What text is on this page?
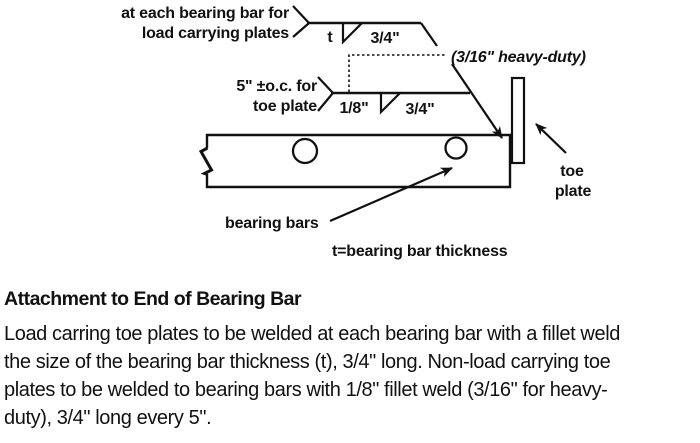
at each bearing bar for
load carrying plates t 3/4"
(3/16" heavy-duty)
5" ±o.c. for
toe plate 1/8" 3/4"
toe
plate
bearing bars
t=bearing bar thickness
Attachment to End of Bearing Bar
Load carring toe plates to be welded at each bearing bar with a fillet weld
the size of the bearing bar thickness (t), 3/4" long. Non-load carrying toe
plates to be welded to bearing bars with 1/8" fillet weld (3/16" for heavy-
duty), 3/4" long every 5".
